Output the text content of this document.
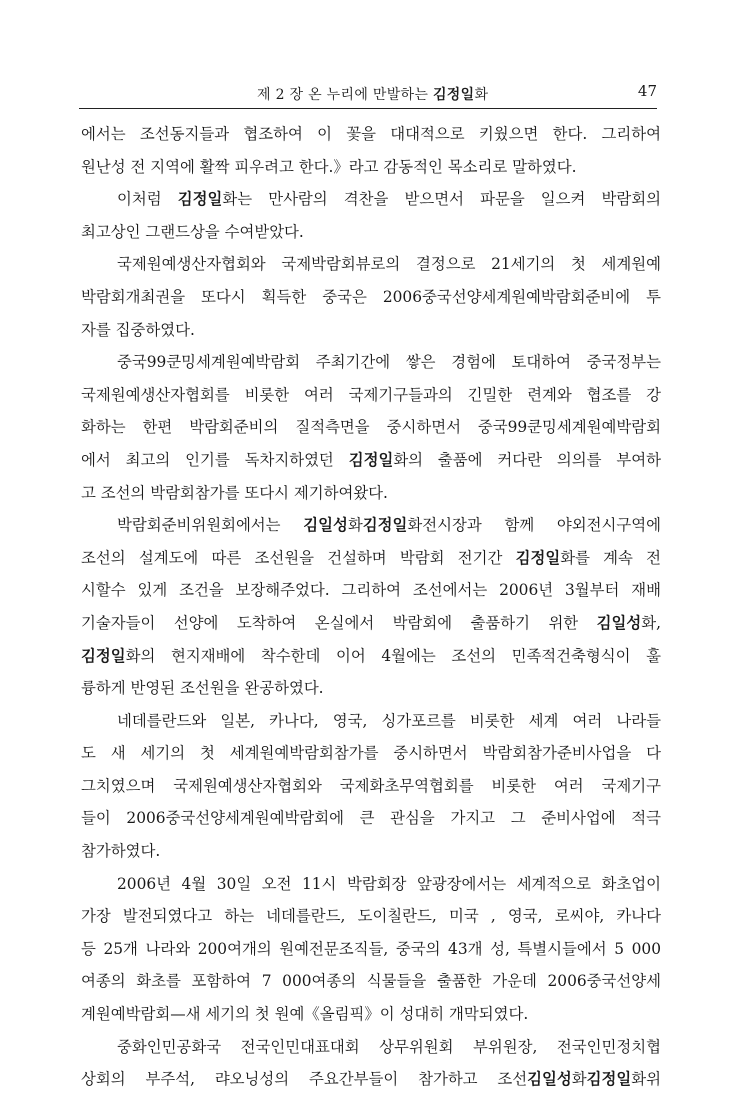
제 2 장 온 누리에 만발하는 김정일화	47
에서는 조선동지들과 협조하여 이 꽃을 대대적으로 키웠으면 한다. 그리하여
원난성 전 지역에 활짝 피우려고 한다.》라고 감동적인 목소리로 말하였다.
이처럼 김정일화는 만사람의 격찬을 받으면서 파문을 일으켜 박람회의
최고상인 그랜드상을 수여받았다.
국제원예생산자협회와 국제박람회뷰로의 결정으로 21세기의 첫 세계원예
박람회개최권을 또다시 획득한 중국은 2006중국선양세계원예박람회준비에 투
자를 집중하였다.
중국99쿤밍세계원예박람회 주최기간에 쌓은 경험에 토대하여 중국정부는
국제원예생산자협회를 비롯한 여러 국제기구들과의 긴밀한 련계와 협조를 강
화하는 한편 박람회준비의 질적측면을 중시하면서 중국99쿤밍세계원예박람회
에서 최고의 인기를 독차지하였던 김정일화의 출품에 커다란 의의를 부여하
고 조선의 박람회참가를 또다시 제기하여왔다.
박람회준비위원회에서는 김일성화김정일화전시장과 함께 야외전시구역에
조선의 설계도에 따른 조선원을 건설하며 박람회 전기간 김정일화를 계속 전
시할수 있게 조건을 보장해주었다. 그리하여 조선에서는 2006년 3월부터 재배
기술자들이 선양에 도착하여 온실에서 박람회에 출품하기 위한 김일성화,
김정일화의 현지재배에 착수한데 이어 4월에는 조선의 민족적건축형식이 훌
륭하게 반영된 조선원을 완공하였다.
네데를란드와 일본, 카나다, 영국, 싱가포르를 비롯한 세계 여러 나라들
도 새 세기의 첫 세계원예박람회참가를 중시하면서 박람회참가준비사업을 다
그치였으며 국제원예생산자협회와 국제화초무역협회를 비롯한 여러 국제기구
들이 2006중국선양세계원예박람회에 큰 관심을 가지고 그 준비사업에 적극
참가하였다.
2006년 4월 30일 오전 11시 박람회장 앞광장에서는 세계적으로 화초업이
가장 발전되였다고 하는 네데를란드, 도이칠란드, 미국 , 영국, 로씨야, 카나다
등 25개 나라와 200여개의 원예전문조직들, 중국의 43개 성, 특별시들에서 5 000
여종의 화초를 포함하여 7 000여종의 식물들을 출품한 가운데 2006중국선양세
계원예박람회—새 세기의 첫 원예《올림픽》이 성대히 개막되였다.
중화인민공화국 전국인민대표대회 상무위원회 부위원장, 전국인민정치협
상회의 부주석, 랴오닝성의 주요간부들이 참가하고 조선김일성화김정일화위
